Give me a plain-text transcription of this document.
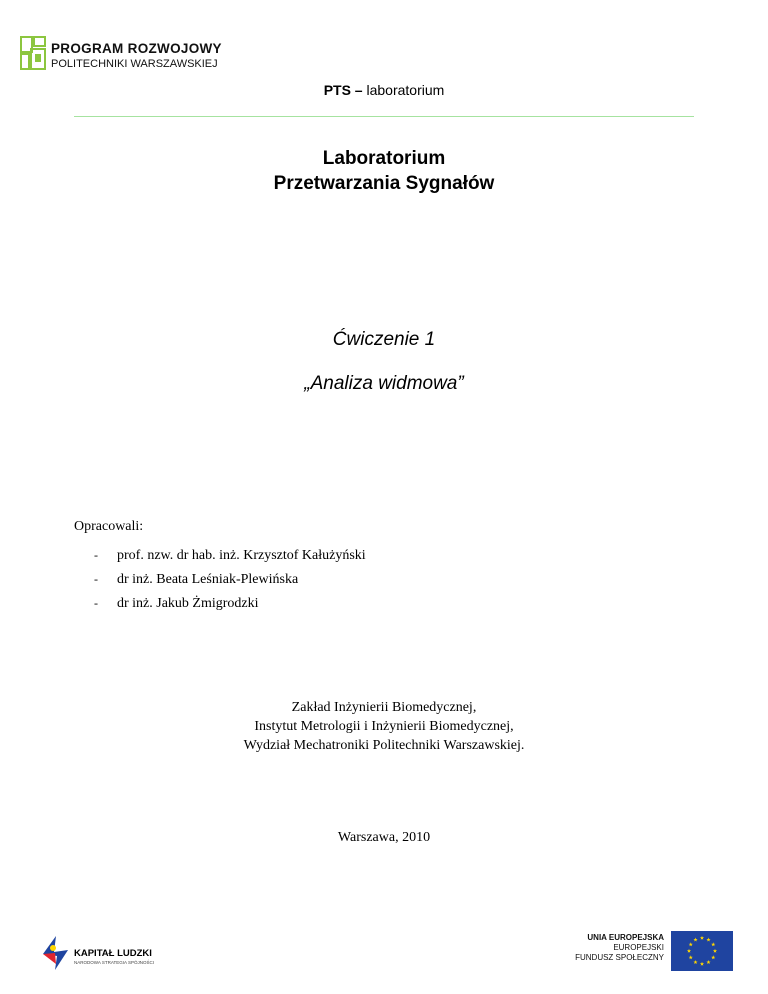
PROGRAM ROZWOJOWY
POLITECHNIKI WARSZAWSKIEJ
PTS – laboratorium
Laboratorium
Przetwarzania Sygnałów
Ćwiczenie 1
„Analiza widmowa”
Opracowali:
- prof. nzw. dr hab. inż. Krzysztof Kałużyński
- dr inż. Beata Leśniak-Plewińska
- dr inż. Jakub Żmigrodzki
Zakład Inżynierii Biomedycznej,
Instytut Metrologii i Inżynierii Biomedycznej,
Wydział Mechatroniki Politechniki Warszawskiej.
Warszawa, 2010
KAPITAŁ LUDZKI
NARODOWA STRATEGIA SPÓJNOŚCI
UNIA EUROPEJSKA
EUROPEJSKI
FUNDUSZ SPOŁECZNY
